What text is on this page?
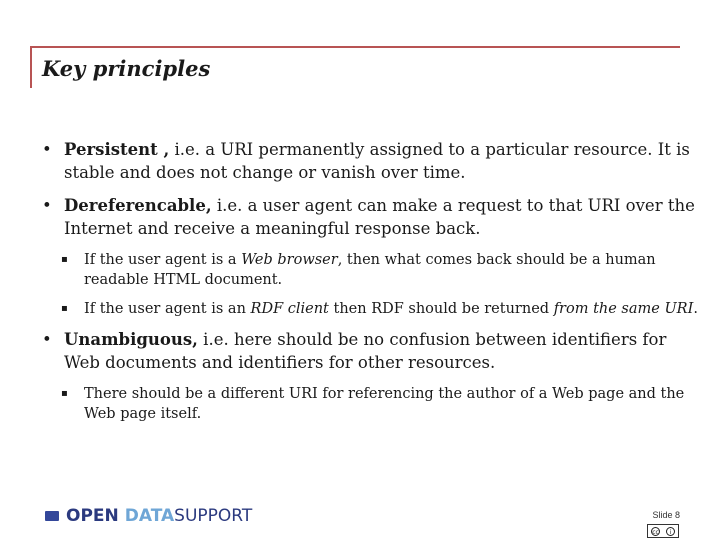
Key principles
• Persistent , i.e. a URI permanently assigned to a particular resource. It is stable and does not change or vanish over time.
• Dereferencable, i.e. a user agent can make a request to that URI over the Internet and receive a meaningful response back.
▪ If the user agent is a Web browser, then what comes back should be a human readable HTML document.
▪ If the user agent is an RDF client then RDF should be returned from the same URI.
• Unambiguous, i.e. here should be no confusion between identifiers for Web documents and identifiers for other resources.
▪ There should be a different URI for referencing the author of a Web page and the Web page itself.
OPEN DATA SUPPORT	Slide 8
cc	i
